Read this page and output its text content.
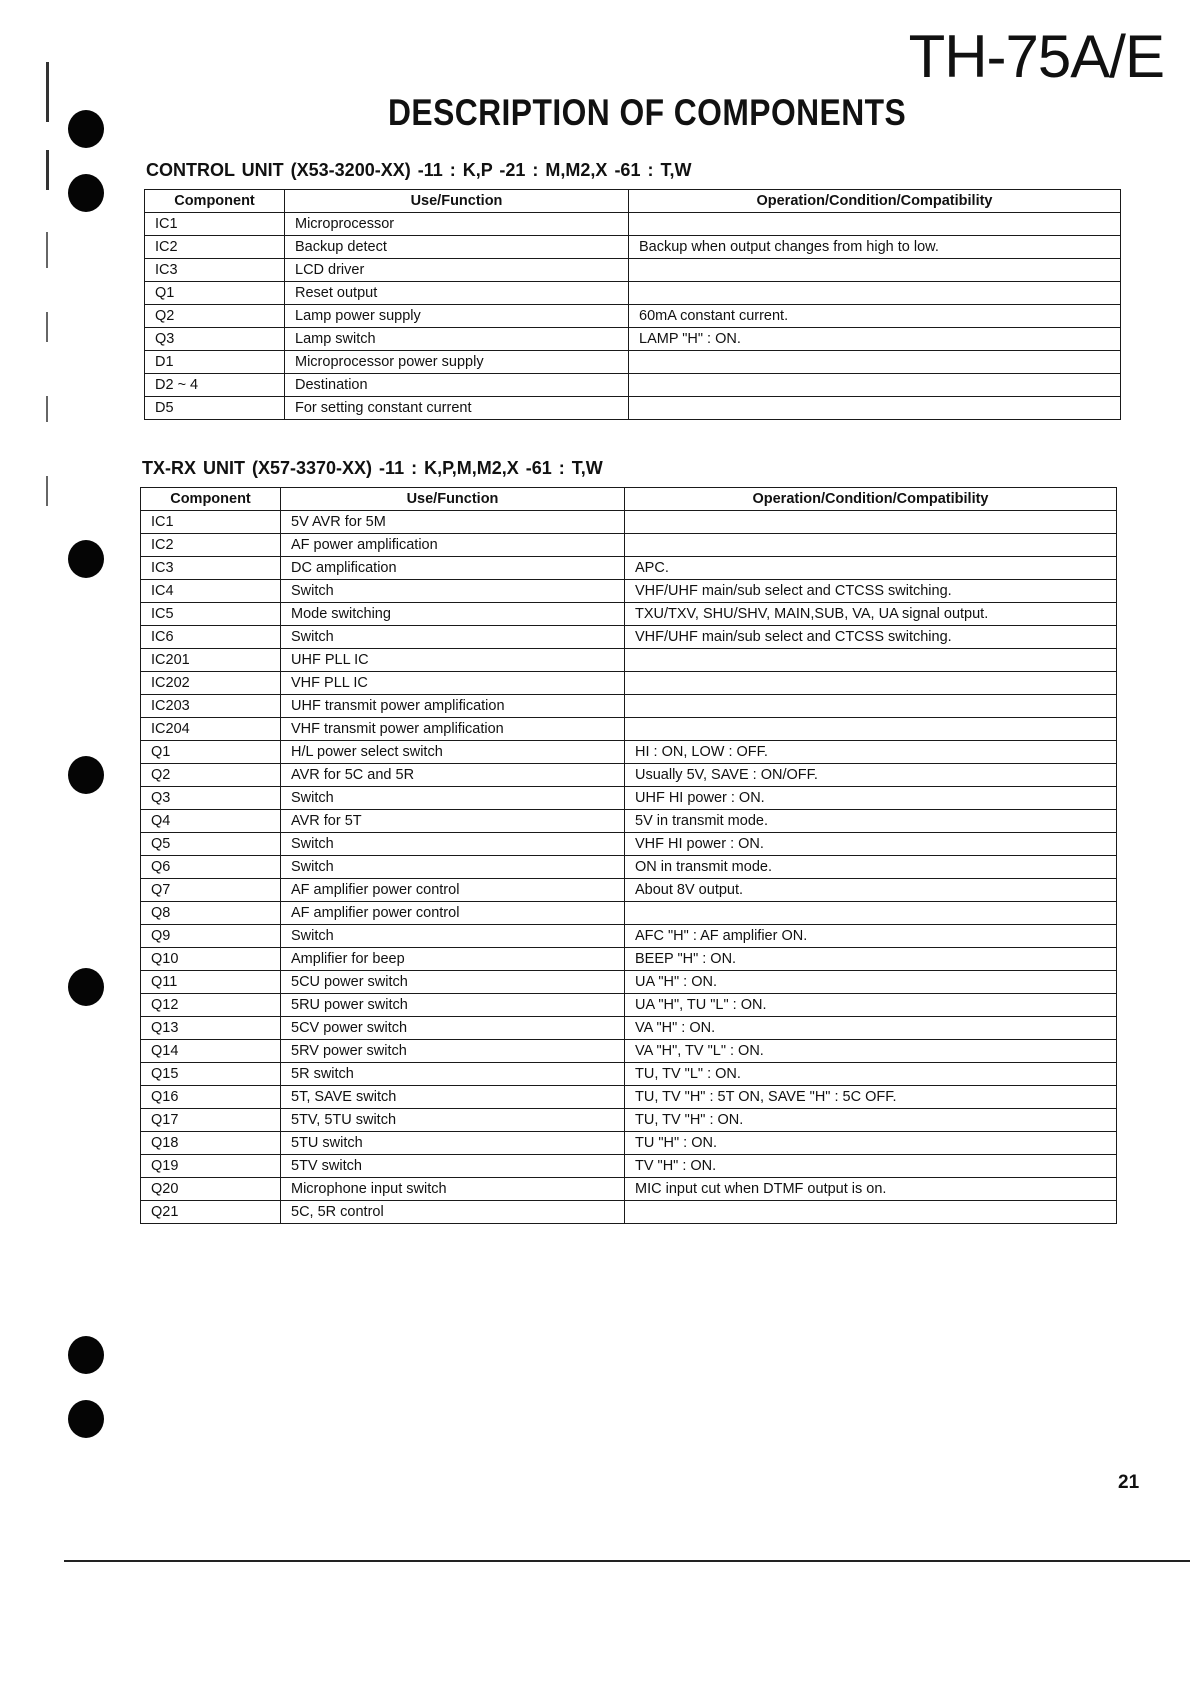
TH-75A/E
DESCRIPTION OF COMPONENTS
CONTROL UNIT (X53-3200-XX) -11 : K,P -21 : M,M2,X -61 : T,W
Component	Use/Function	Operation/Condition/Compatibility
IC1	Microprocessor	
IC2	Backup detect	Backup when output changes from high to low.
IC3	LCD driver	
Q1	Reset output	
Q2	Lamp power supply	60mA constant current.
Q3	Lamp switch	LAMP "H" : ON.
D1	Microprocessor power supply	
D2 ~ 4	Destination	
D5	For setting constant current	
TX-RX UNIT (X57-3370-XX) -11 : K,P,M,M2,X -61 : T,W
Component	Use/Function	Operation/Condition/Compatibility
IC1	5V AVR for 5M	
IC2	AF power amplification	
IC3	DC amplification	APC.
IC4	Switch	VHF/UHF main/sub select and CTCSS switching.
IC5	Mode switching	TXU/TXV, SHU/SHV, MAIN,SUB, VA, UA signal output.
IC6	Switch	VHF/UHF main/sub select and CTCSS switching.
IC201	UHF PLL IC	
IC202	VHF PLL IC	
IC203	UHF transmit power amplification	
IC204	VHF transmit power amplification	
Q1	H/L power select switch	HI : ON, LOW : OFF.
Q2	AVR for 5C and 5R	Usually 5V, SAVE : ON/OFF.
Q3	Switch	UHF HI power : ON.
Q4	AVR for 5T	5V in transmit mode.
Q5	Switch	VHF HI power : ON.
Q6	Switch	ON in transmit mode.
Q7	AF amplifier power control	About 8V output.
Q8	AF amplifier power control	
Q9	Switch	AFC "H" : AF amplifier ON.
Q10	Amplifier for beep	BEEP "H" : ON.
Q11	5CU power switch	UA "H" : ON.
Q12	5RU power switch	UA "H", TU "L" : ON.
Q13	5CV power switch	VA "H" : ON.
Q14	5RV power switch	VA "H", TV "L" : ON.
Q15	5R switch	TU, TV "L" : ON.
Q16	5T, SAVE switch	TU, TV "H" : 5T ON, SAVE "H" : 5C OFF.
Q17	5TV, 5TU switch	TU, TV "H" : ON.
Q18	5TU switch	TU "H" : ON.
Q19	5TV switch	TV "H" : ON.
Q20	Microphone input switch	MIC input cut when DTMF output is on.
Q21	5C, 5R control	

21
